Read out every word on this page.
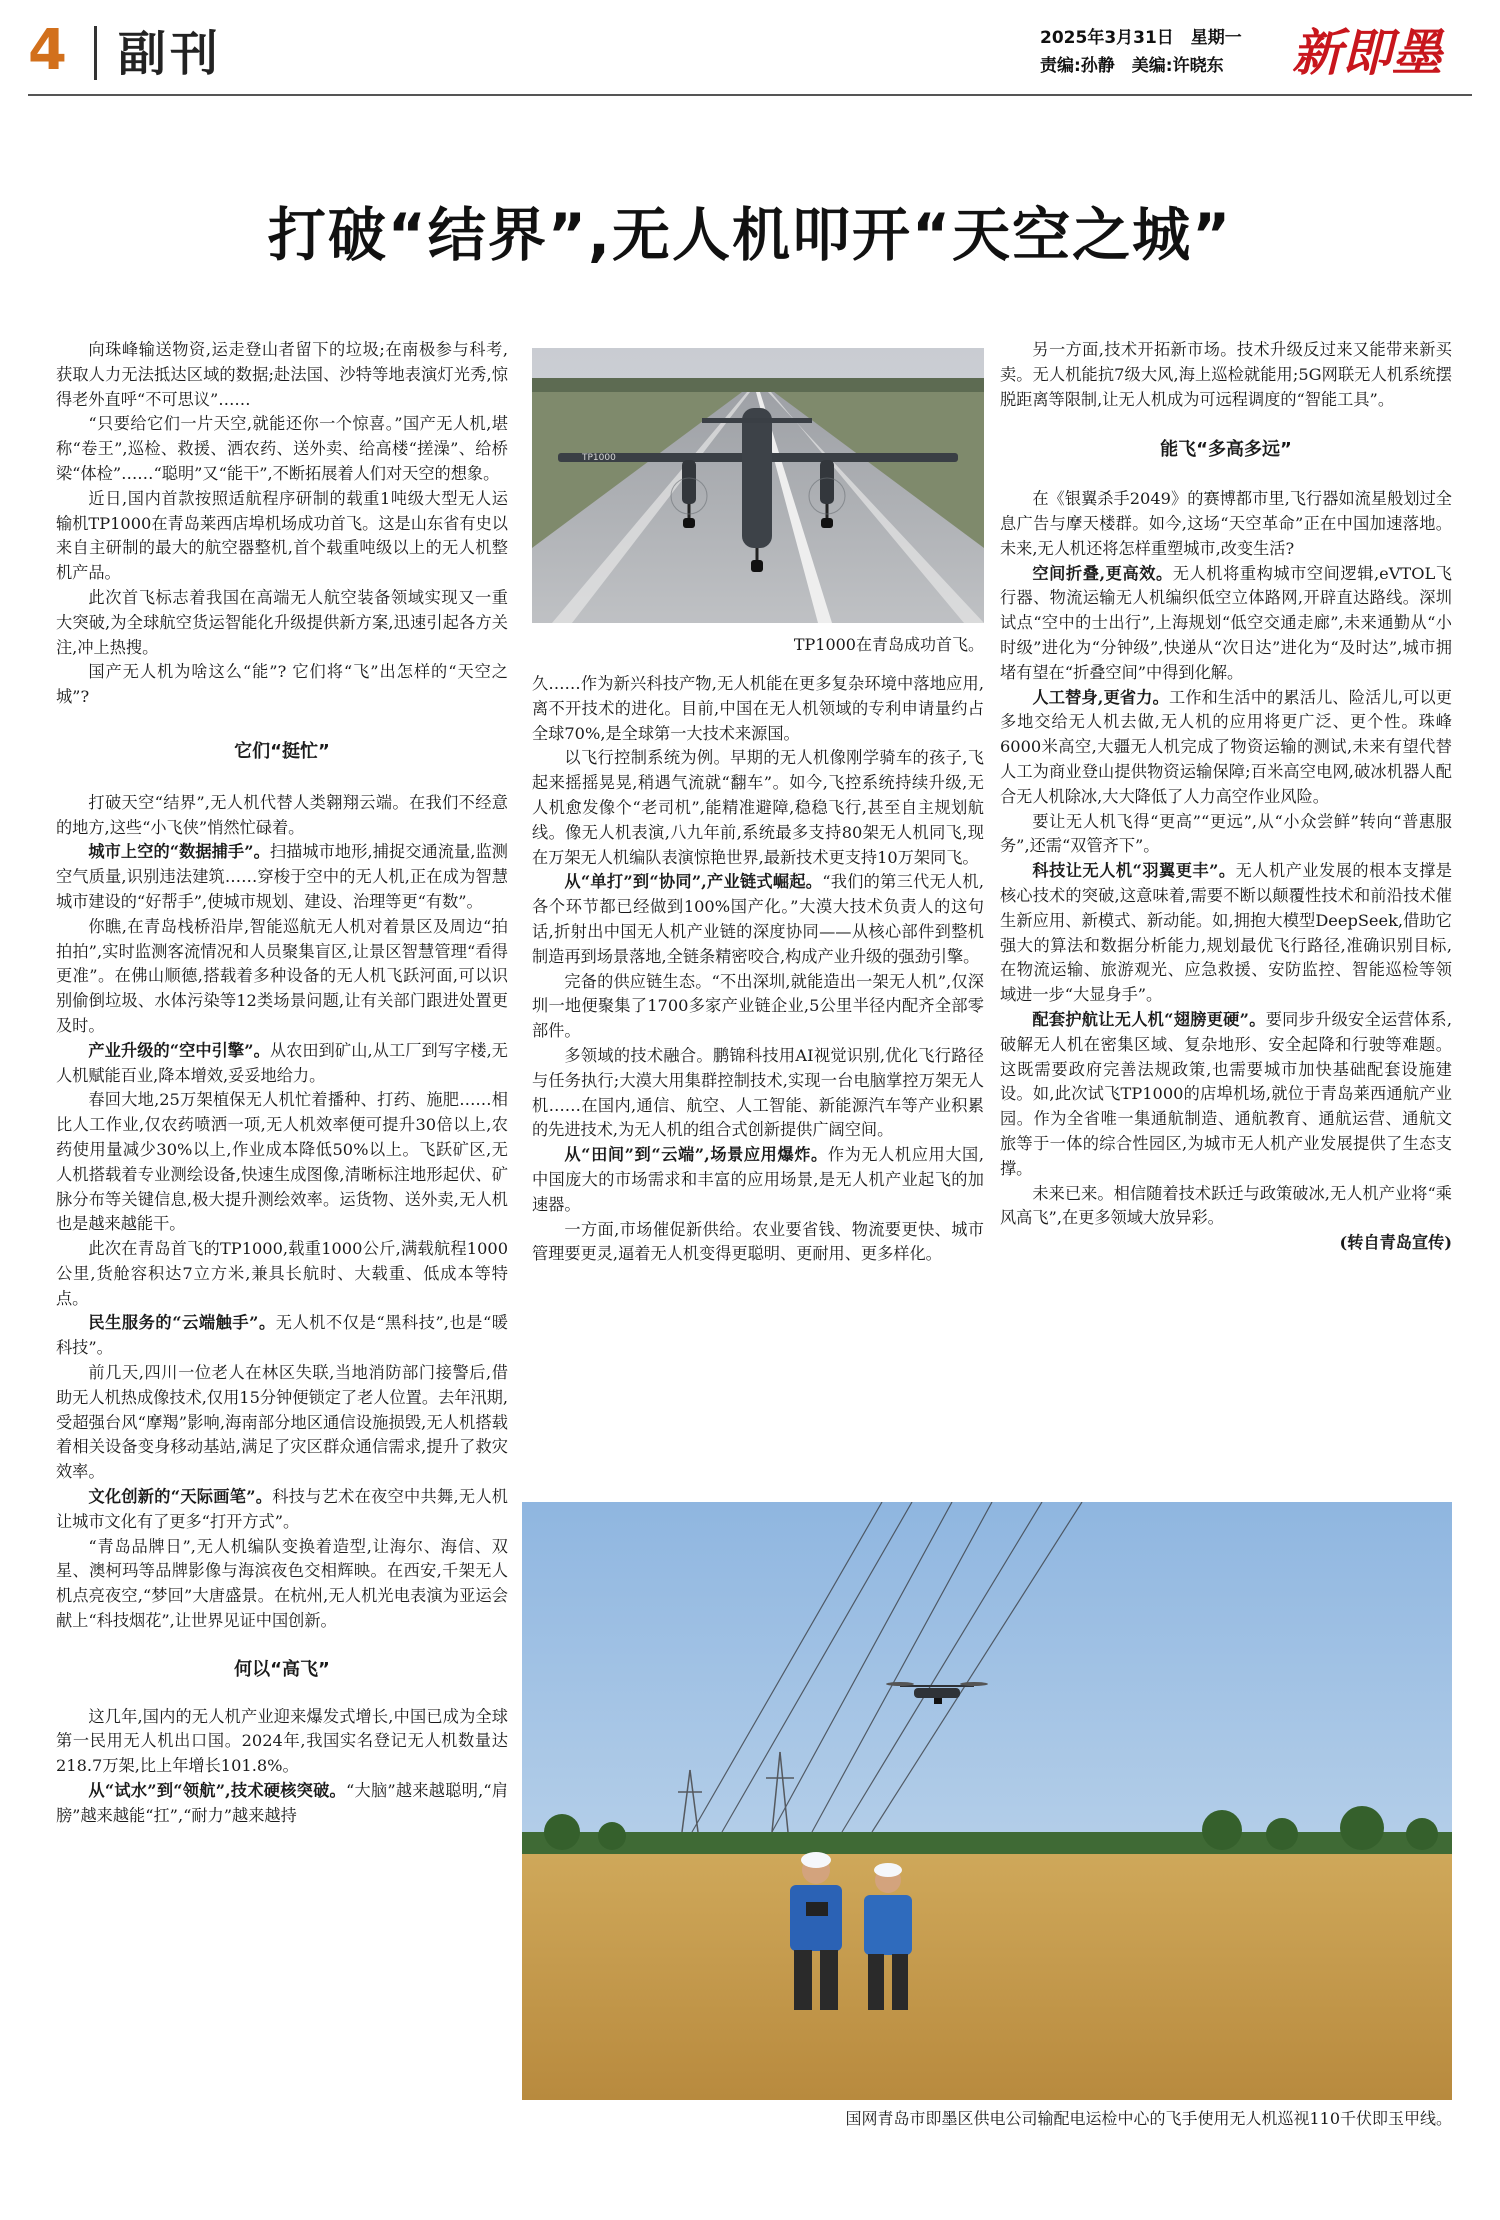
4 副刊	2025年3月31日　星期一
责编:孙静　美编:许晓东	新即墨
打破“结界”,无人机叩开“天空之城”

向珠峰输送物资,运走登山者留下的垃圾;在南极参与科考,获取人力无法抵达区域的数据;赴法国、沙特等地表演灯光秀,惊得老外直呼“不可思议”……

“只要给它们一片天空,就能还你一个惊喜。”国产无人机,堪称“卷王”,巡检、救援、洒农药、送外卖、给高楼“搓澡”、给桥梁“体检”……“聪明”又“能干”,不断拓展着人们对天空的想象。

近日,国内首款按照适航程序研制的载重1吨级大型无人运输机TP1000在青岛莱西店埠机场成功首飞。这是山东省有史以来自主研制的最大的航空器整机,首个载重吨级以上的无人机整机产品。

此次首飞标志着我国在高端无人航空装备领域实现又一重大突破,为全球航空货运智能化升级提供新方案,迅速引起各方关注,冲上热搜。

国产无人机为啥这么“能”? 它们将“飞”出怎样的“天空之城”?

它们“挺忙”

打破天空“结界”,无人机代替人类翱翔云端。在我们不经意的地方,这些“小飞侠”悄然忙碌着。

城市上空的“数据捕手”。扫描城市地形,捕捉交通流量,监测空气质量,识别违法建筑……穿梭于空中的无人机,正在成为智慧城市建设的“好帮手”,使城市规划、建设、治理等更“有数”。

你瞧,在青岛栈桥沿岸,智能巡航无人机对着景区及周边“拍拍拍”,实时监测客流情况和人员聚集盲区,让景区智慧管理“看得更准”。在佛山顺德,搭载着多种设备的无人机飞跃河面,可以识别偷倒垃圾、水体污染等12类场景问题,让有关部门跟进处置更及时。

产业升级的“空中引擎”。从农田到矿山,从工厂到写字楼,无人机赋能百业,降本增效,妥妥地给力。

春回大地,25万架植保无人机忙着播种、打药、施肥……相比人工作业,仅农药喷洒一项,无人机效率便可提升30倍以上,农药使用量减少30%以上,作业成本降低50%以上。飞跃矿区,无人机搭载着专业测绘设备,快速生成图像,清晰标注地形起伏、矿脉分布等关键信息,极大提升测绘效率。运货物、送外卖,无人机也是越来越能干。

此次在青岛首飞的TP1000,载重1000公斤,满载航程1000公里,货舱容积达7立方米,兼具长航时、大载重、低成本等特点。

民生服务的“云端触手”。无人机不仅是“黑科技”,也是“暖科技”。

前几天,四川一位老人在林区失联,当地消防部门接警后,借助无人机热成像技术,仅用15分钟便锁定了老人位置。去年汛期,受超强台风“摩羯”影响,海南部分地区通信设施损毁,无人机搭载着相关设备变身移动基站,满足了灾区群众通信需求,提升了救灾效率。

文化创新的“天际画笔”。科技与艺术在夜空中共舞,无人机让城市文化有了更多“打开方式”。

“青岛品牌日”,无人机编队变换着造型,让海尔、海信、双星、澳柯玛等品牌影像与海滨夜色交相辉映。在西安,千架无人机点亮夜空,“梦回”大唐盛景。在杭州,无人机光电表演为亚运会献上“科技烟花”,让世界见证中国创新。

何以“高飞”

这几年,国内的无人机产业迎来爆发式增长,中国已成为全球第一民用无人机出口国。2024年,我国实名登记无人机数量达218.7万架,比上年增长101.8%。

从“试水”到“领航”,技术硬核突破。“大脑”越来越聪明,“肩膀”越来越能“扛”,“耐力”越来越持

TP1000
TP1000在青岛成功首飞。

久……作为新兴科技产物,无人机能在更多复杂环境中落地应用,离不开技术的进化。目前,中国在无人机领域的专利申请量约占全球70%,是全球第一大技术来源国。

以飞行控制系统为例。早期的无人机像刚学骑车的孩子,飞起来摇摇晃晃,稍遇气流就“翻车”。如今,飞控系统持续升级,无人机愈发像个“老司机”,能精准避障,稳稳飞行,甚至自主规划航线。像无人机表演,八九年前,系统最多支持80架无人机同飞,现在万架无人机编队表演惊艳世界,最新技术更支持10万架同飞。

从“单打”到“协同”,产业链式崛起。“我们的第三代无人机,各个环节都已经做到100%国产化。”大漠大技术负责人的这句话,折射出中国无人机产业链的深度协同——从核心部件到整机制造再到场景落地,全链条精密咬合,构成产业升级的强劲引擎。

完备的供应链生态。“不出深圳,就能造出一架无人机”,仅深圳一地便聚集了1700多家产业链企业,5公里半径内配齐全部零部件。

多领域的技术融合。鹏锦科技用AI视觉识别,优化飞行路径与任务执行;大漠大用集群控制技术,实现一台电脑掌控万架无人机……在国内,通信、航空、人工智能、新能源汽车等产业积累的先进技术,为无人机的组合式创新提供广阔空间。

从“田间”到“云端”,场景应用爆炸。作为无人机应用大国,中国庞大的市场需求和丰富的应用场景,是无人机产业起飞的加速器。

一方面,市场催促新供给。农业要省钱、物流要更快、城市管理要更灵,逼着无人机变得更聪明、更耐用、更多样化。

另一方面,技术开拓新市场。技术升级反过来又能带来新买卖。无人机能抗7级大风,海上巡检就能用;5G网联无人机系统摆脱距离等限制,让无人机成为可远程调度的“智能工具”。

能飞“多高多远”

在《银翼杀手2049》的赛博都市里,飞行器如流星般划过全息广告与摩天楼群。如今,这场“天空革命”正在中国加速落地。未来,无人机还将怎样重塑城市,改变生活?

空间折叠,更高效。无人机将重构城市空间逻辑,eVTOL飞行器、物流运输无人机编织低空立体路网,开辟直达路线。深圳试点“空中的士出行”,上海规划“低空交通走廊”,未来通勤从“小时级”进化为“分钟级”,快递从“次日达”进化为“及时达”,城市拥堵有望在“折叠空间”中得到化解。

人工替身,更省力。工作和生活中的累活儿、险活儿,可以更多地交给无人机去做,无人机的应用将更广泛、更个性。珠峰6000米高空,大疆无人机完成了物资运输的测试,未来有望代替人工为商业登山提供物资运输保障;百米高空电网,破冰机器人配合无人机除冰,大大降低了人力高空作业风险。

要让无人机飞得“更高”“更远”,从“小众尝鲜”转向“普惠服务”,还需“双管齐下”。

科技让无人机“羽翼更丰”。无人机产业发展的根本支撑是核心技术的突破,这意味着,需要不断以颠覆性技术和前沿技术催生新应用、新模式、新动能。如,拥抱大模型DeepSeek,借助它强大的算法和数据分析能力,规划最优飞行路径,准确识别目标,在物流运输、旅游观光、应急救援、安防监控、智能巡检等领域进一步“大显身手”。

配套护航让无人机“翅膀更硬”。要同步升级安全运营体系,破解无人机在密集区域、复杂地形、安全起降和行驶等难题。这既需要政府完善法规政策,也需要城市加快基础配套设施建设。如,此次试飞TP1000的店埠机场,就位于青岛莱西通航产业园。作为全省唯一集通航制造、通航教育、通航运营、通航文旅等于一体的综合性园区,为城市无人机产业发展提供了生态支撑。

未来已来。相信随着技术跃迁与政策破冰,无人机产业将“乘风高飞”,在更多领域大放异彩。

(转自青岛宣传)

国网青岛市即墨区供电公司输配电运检中心的飞手使用无人机巡视110千伏即玉甲线。
